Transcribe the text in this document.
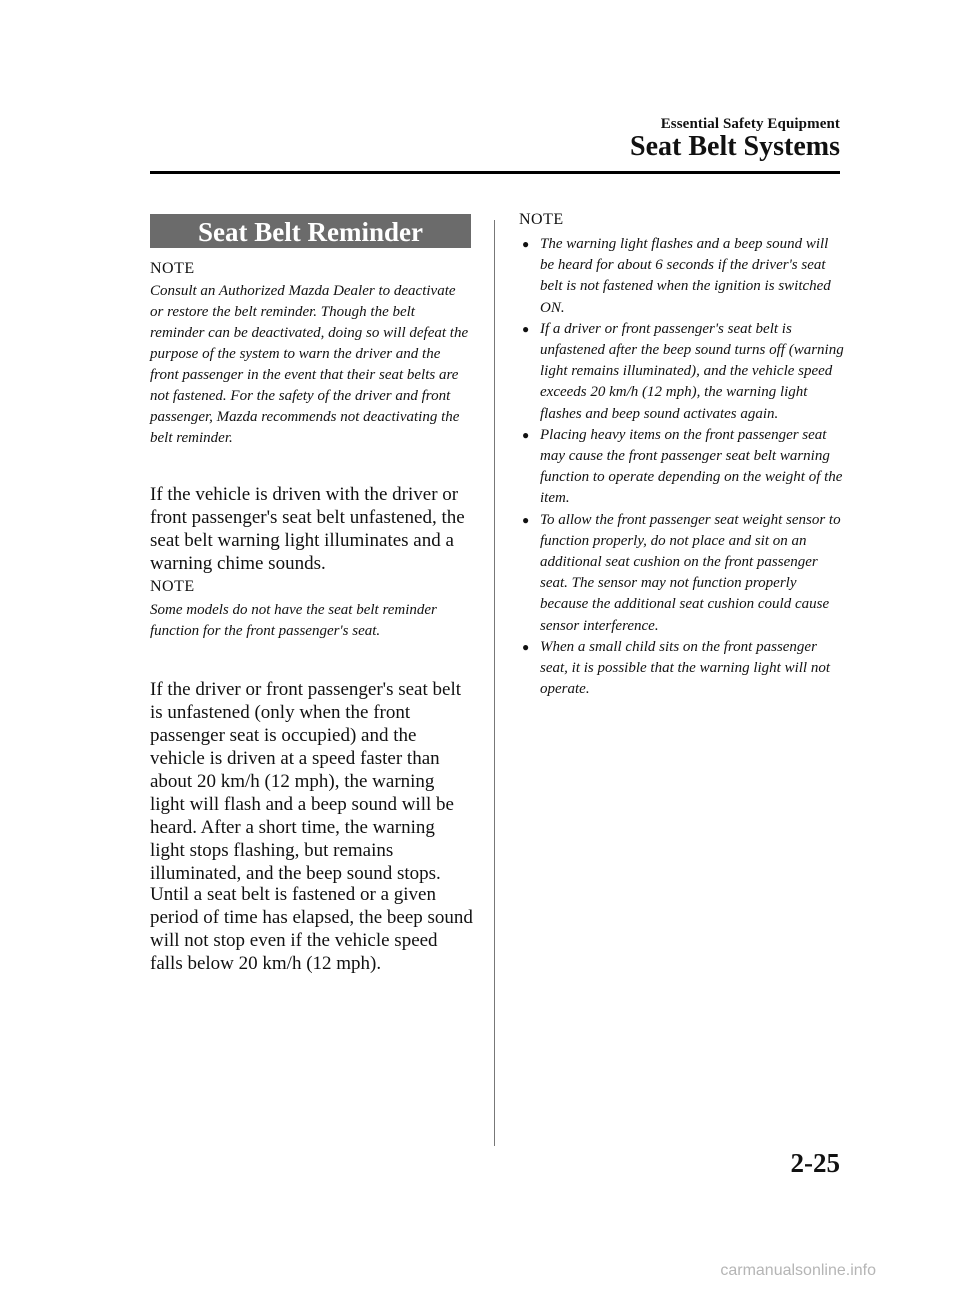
Essential Safety Equipment
Seat Belt Systems
Seat Belt Reminder
NOTE
Consult an Authorized Mazda Dealer to deactivate or restore the belt reminder. Though the belt reminder can be deactivated, doing so will defeat the purpose of the system to warn the driver and the front passenger in the event that their seat belts are not fastened. For the safety of the driver and front passenger, Mazda recommends not deactivating the belt reminder.
If the vehicle is driven with the driver or front passenger's seat belt unfastened, the seat belt warning light illuminates and a warning chime sounds.
NOTE
Some models do not have the seat belt reminder function for the front passenger's seat.
If the driver or front passenger's seat belt is unfastened (only when the front passenger seat is occupied) and the vehicle is driven at a speed faster than about 20 km/h (12 mph), the warning light will flash and a beep sound will be heard. After a short time, the warning light stops flashing, but remains illuminated, and the beep sound stops.
Until a seat belt is fastened or a given period of time has elapsed, the beep sound will not stop even if the vehicle speed falls below 20 km/h (12 mph).
NOTE
● The warning light flashes and a beep sound will be heard for about 6 seconds if the driver's seat belt is not fastened when the ignition is switched ON.
● If a driver or front passenger's seat belt is unfastened after the beep sound turns off (warning light remains illuminated), and the vehicle speed exceeds 20 km/h (12 mph), the warning light flashes and beep sound activates again.
● Placing heavy items on the front passenger seat may cause the front passenger seat belt warning function to operate depending on the weight of the item.
● To allow the front passenger seat weight sensor to function properly, do not place and sit on an additional seat cushion on the front passenger seat. The sensor may not function properly because the additional seat cushion could cause sensor interference.
● When a small child sits on the front passenger seat, it is possible that the warning light will not operate.
2-25
carmanualsonline.info
